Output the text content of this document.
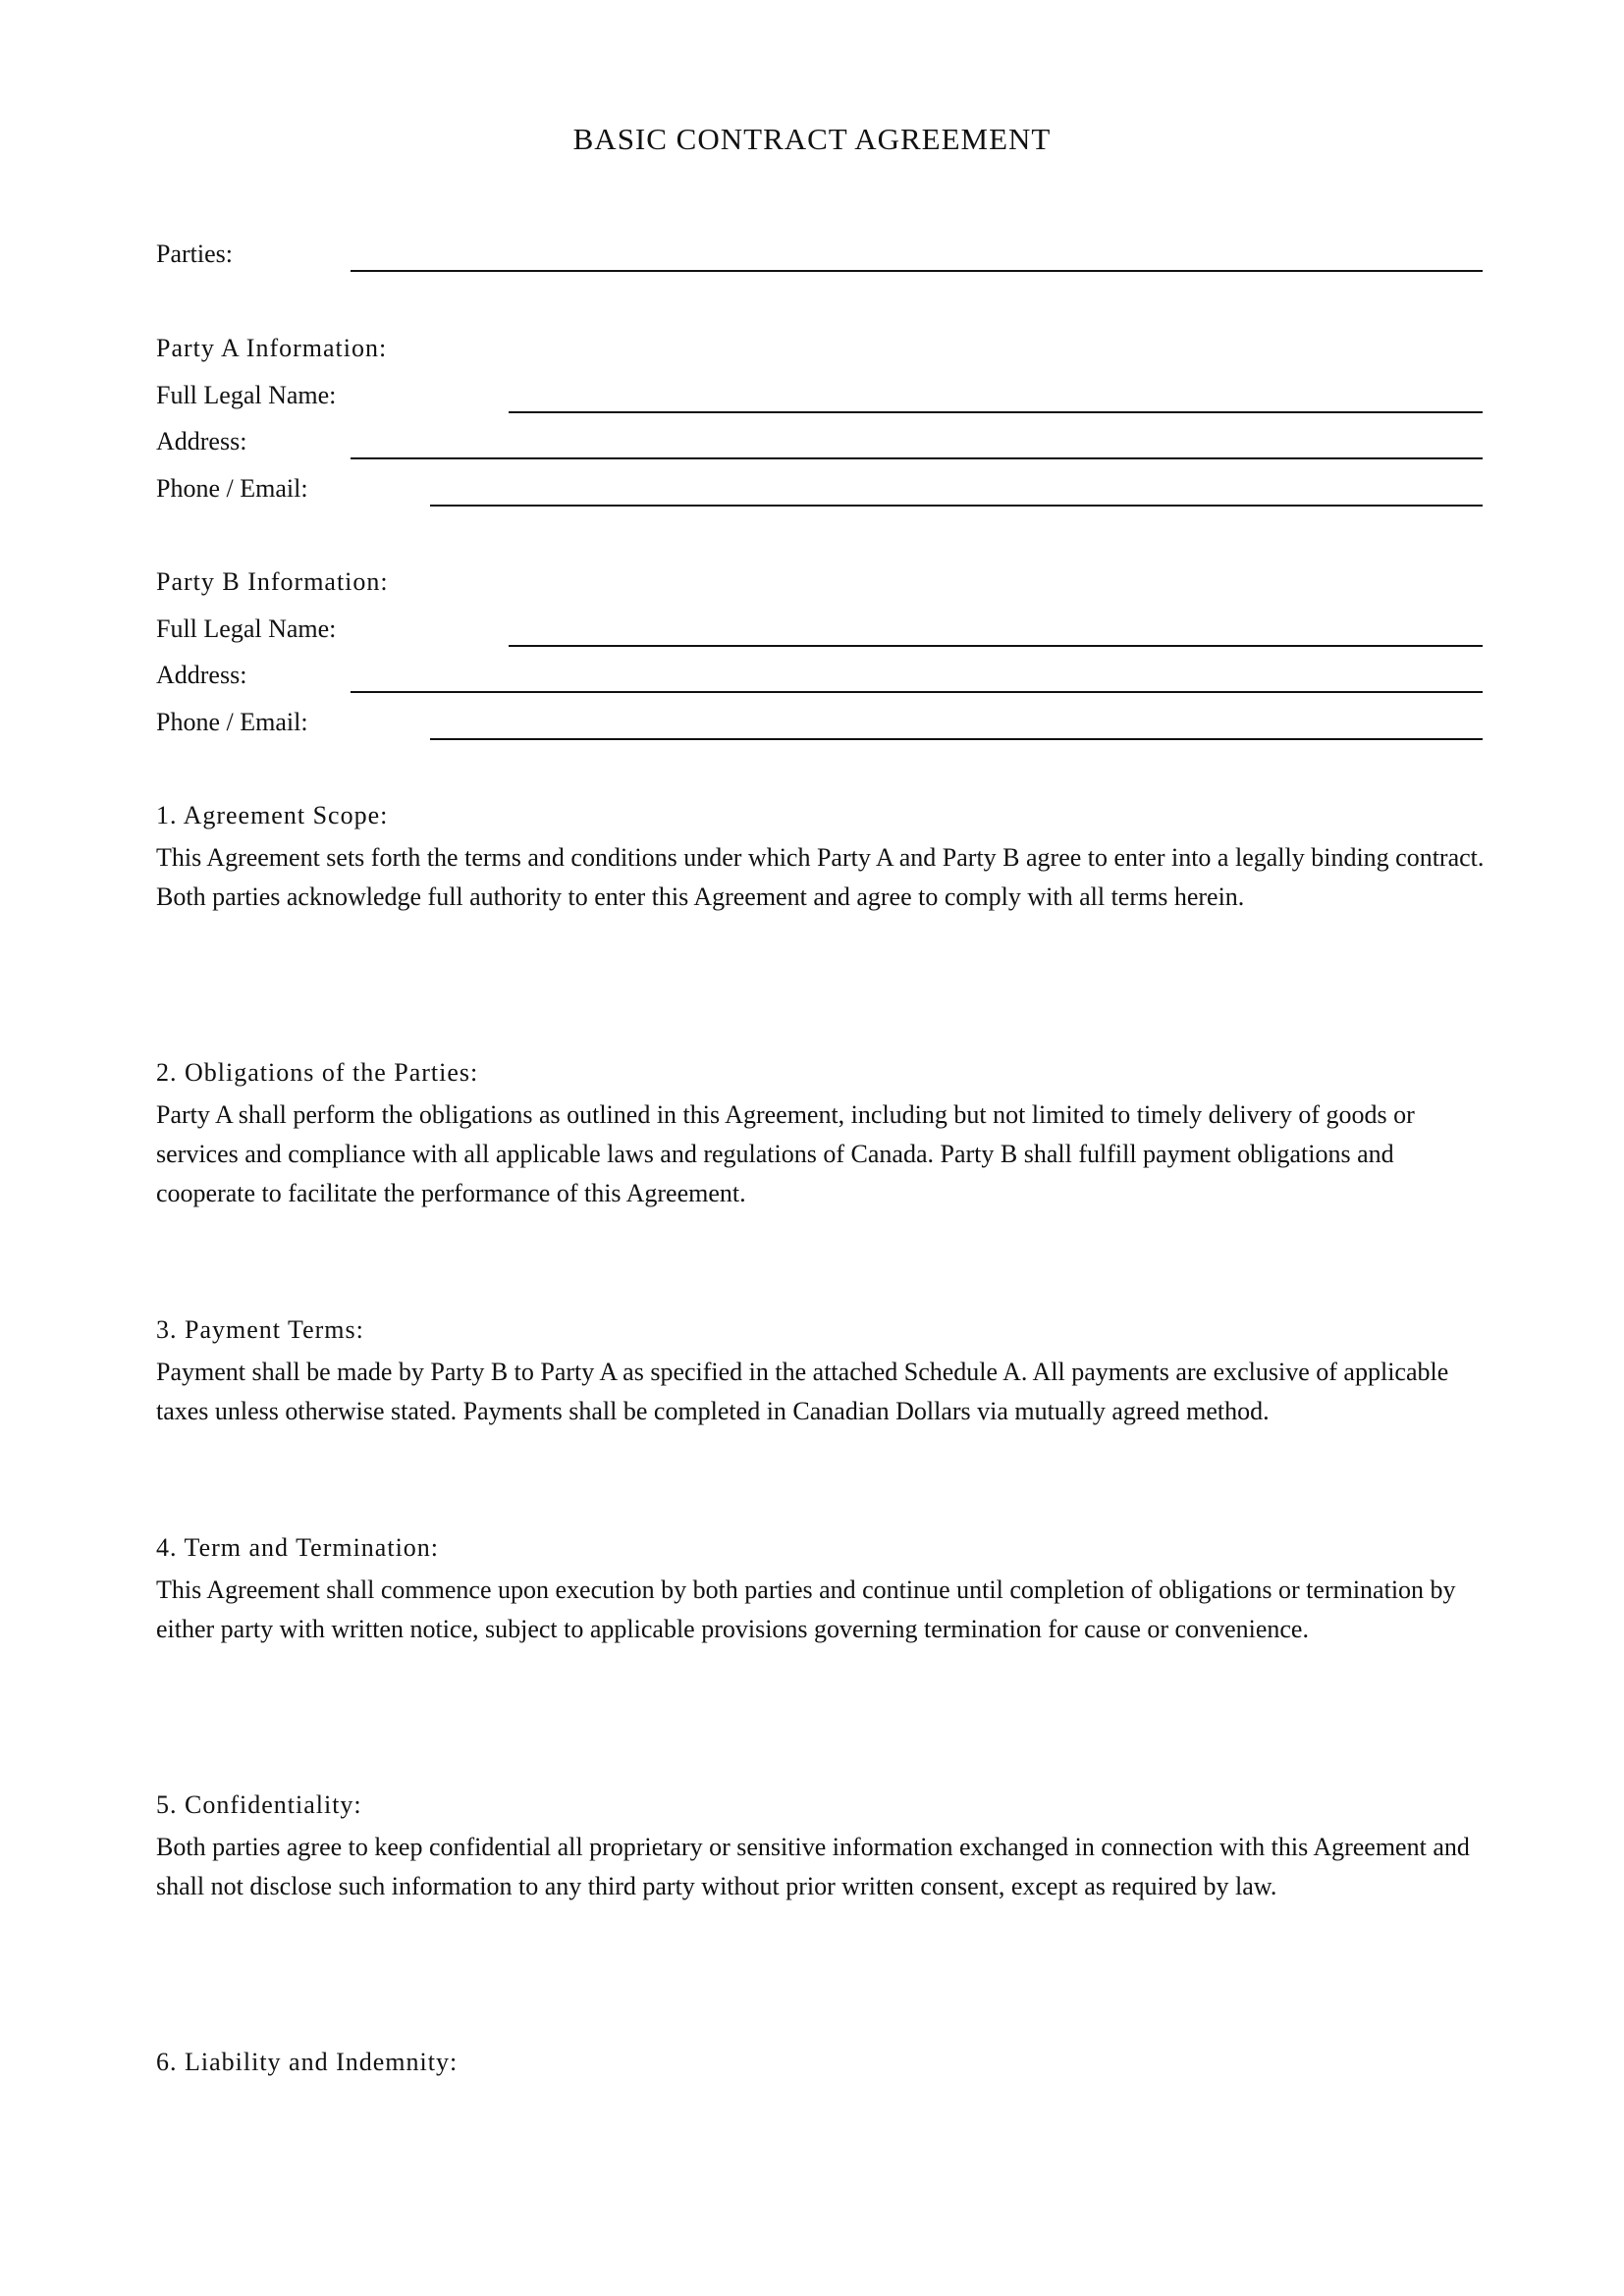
BASIC CONTRACT AGREEMENT
Parties:
Party A Information:
Full Legal Name:
Address:
Phone / Email:
Party B Information:
Full Legal Name:
Address:
Phone / Email:
1. Agreement Scope:

This Agreement sets forth the terms and conditions under which Party A and Party B agree to enter into a legally binding contract. Both parties acknowledge full authority to enter this Agreement and agree to comply with all terms herein.

2. Obligations of the Parties:

Party A shall perform the obligations as outlined in this Agreement, including but not limited to timely delivery of goods or services and compliance with all applicable laws and regulations of Canada. Party B shall fulfill payment obligations and cooperate to facilitate the performance of this Agreement.

3. Payment Terms:

Payment shall be made by Party B to Party A as specified in the attached Schedule A. All payments are exclusive of applicable taxes unless otherwise stated. Payments shall be completed in Canadian Dollars via mutually agreed method.

4. Term and Termination:

This Agreement shall commence upon execution by both parties and continue until completion of obligations or termination by either party with written notice, subject to applicable provisions governing termination for cause or convenience.

5. Confidentiality:

Both parties agree to keep confidential all proprietary or sensitive information exchanged in connection with this Agreement and shall not disclose such information to any third party without prior written consent, except as required by law.

6. Liability and Indemnity:
